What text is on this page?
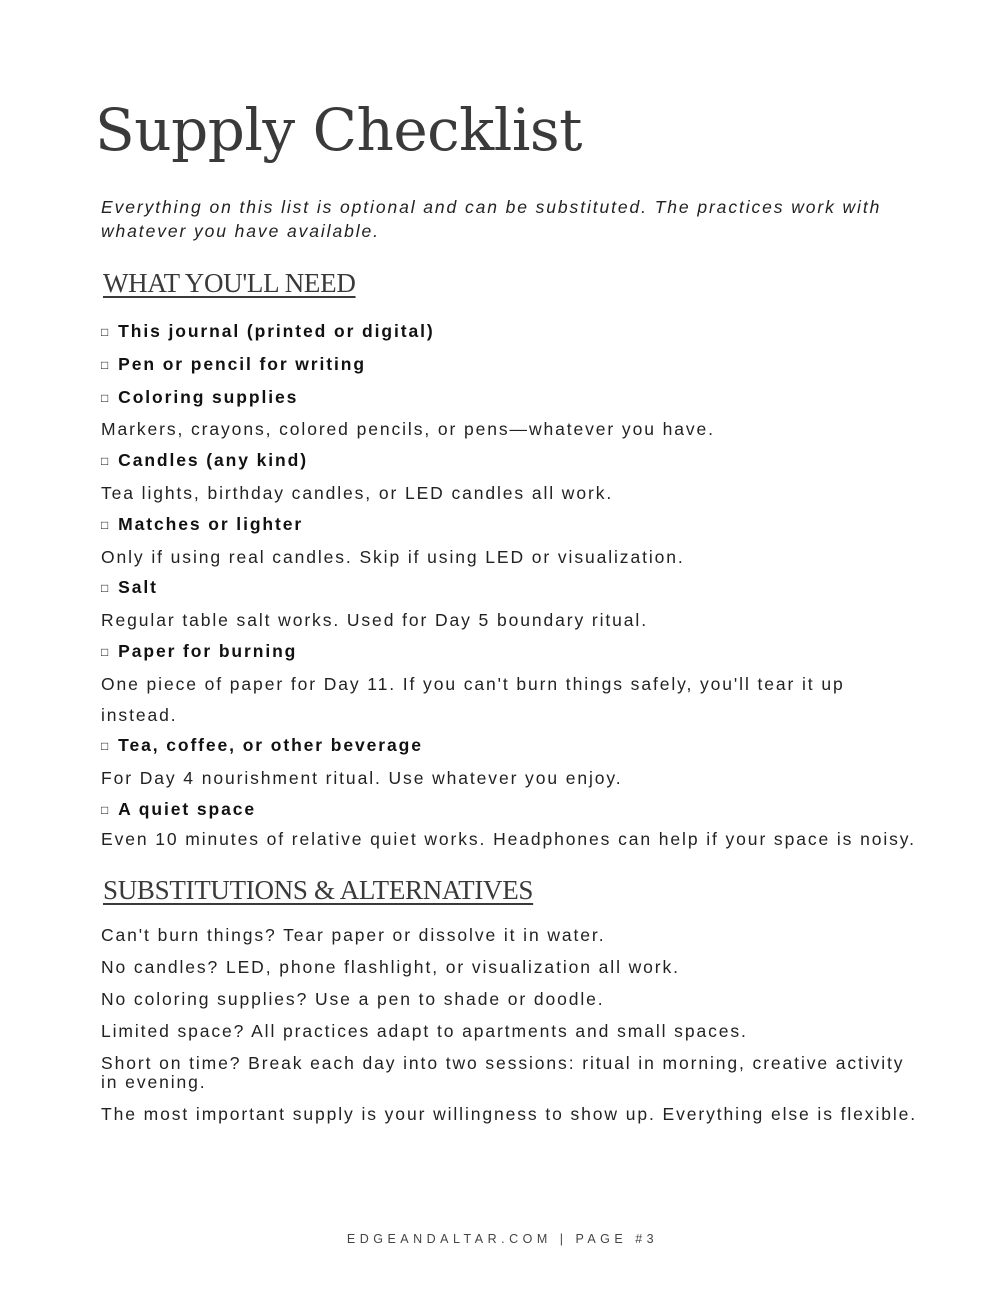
Supply Checklist

Everything on this list is optional and can be substituted. The practices work with whatever you have available.

WHAT YOU'LL NEED
□ This journal (printed or digital)
□ Pen or pencil for writing
□ Coloring supplies
Markers, crayons, colored pencils, or pens—whatever you have.
□ Candles (any kind)
Tea lights, birthday candles, or LED candles all work.
□ Matches or lighter
Only if using real candles. Skip if using LED or visualization.
□ Salt
Regular table salt works. Used for Day 5 boundary ritual.
□ Paper for burning
One piece of paper for Day 11. If you can't burn things safely, you'll tear it up instead.
□ Tea, coffee, or other beverage
For Day 4 nourishment ritual. Use whatever you enjoy.
□ A quiet space
Even 10 minutes of relative quiet works. Headphones can help if your space is noisy.
SUBSTITUTIONS & ALTERNATIVES

Can't burn things? Tear paper or dissolve it in water.

No candles? LED, phone flashlight, or visualization all work.

No coloring supplies? Use a pen to shade or doodle.

Limited space? All practices adapt to apartments and small spaces.

Short on time? Break each day into two sessions: ritual in morning, creative activity in evening.

The most important supply is your willingness to show up. Everything else is flexible.

EDGEANDALTAR.COM | PAGE #3
